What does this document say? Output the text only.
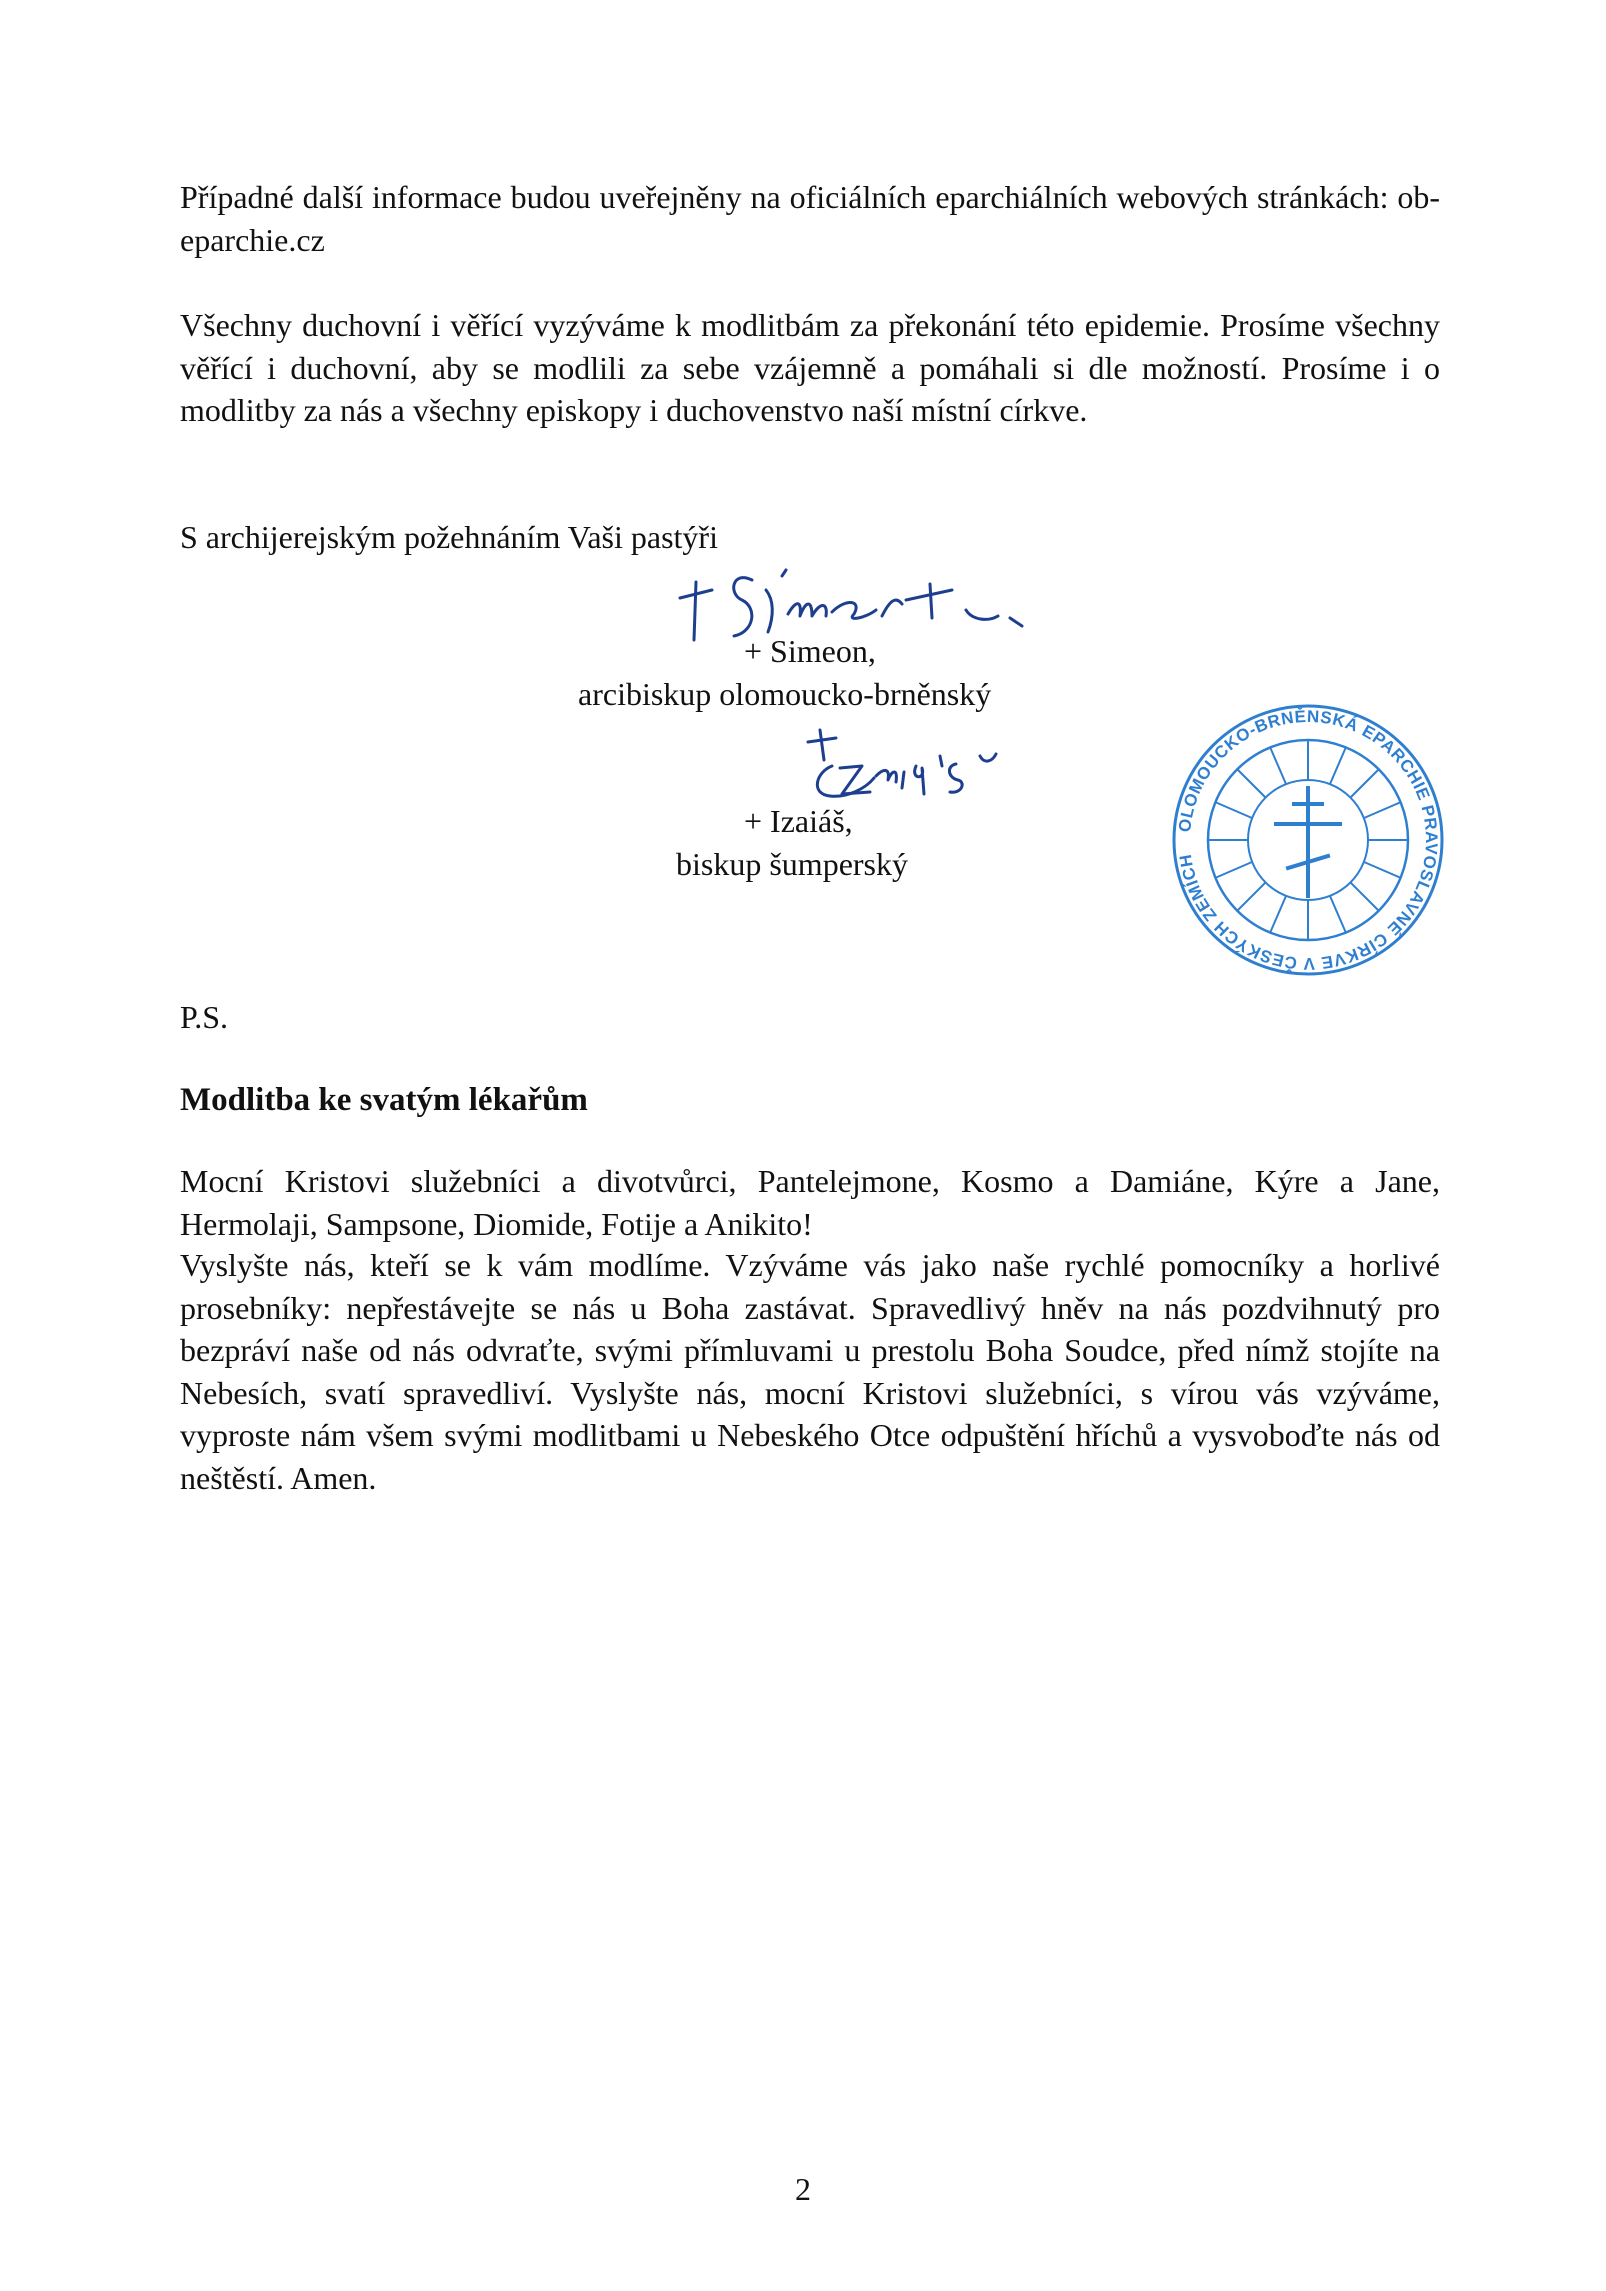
Případné další informace budou uveřejněny na oficiálních eparchiálních webových stránkách: ob-eparchie.cz

Všechny duchovní i věřící vyzýváme k modlitbám za překonání této epidemie. Prosíme všechny věřící i duchovní, aby se modlili za sebe vzájemně a pomáhali si dle možností. Prosíme i o modlitby za nás a všechny episkopy i duchovenstvo naší místní církve.

S archijerejským požehnáním Vaši pastýři
+ Simeon,
arcibiskup olomoucko-brněnský
+ Izaiáš,
biskup šumperský
OLOMOUCKO-BRNĚNSKÁ EPARCHIE PRAVOSLAVNÉ CÍRKVE V ČESKÝCH ZEMÍCH
P.S.

Modlitba ke svatým lékařům

Mocní Kristovi služebníci a divotvůrci, Pantelejmone, Kosmo a Damiáne, Kýre a Jane, Hermolaji, Sampsone, Diomide, Fotije a Anikito!

Vyslyšte nás, kteří se k vám modlíme. Vzýváme vás jako naše rychlé pomocníky a horlivé prosebníky: nepřestávejte se nás u Boha zastávat. Spravedlivý hněv na nás pozdvihnutý pro bezpráví naše od nás odvraťte, svými přímluvami u prestolu Boha Soudce, před nímž stojíte na Nebesích, svatí spravedliví. Vyslyšte nás, mocní Kristovi služebníci, s vírou vás vzýváme, vyproste nám všem svými modlitbami u Nebeského Otce odpuštění hříchů a vysvoboďte nás od neštěstí. Amen.

2
